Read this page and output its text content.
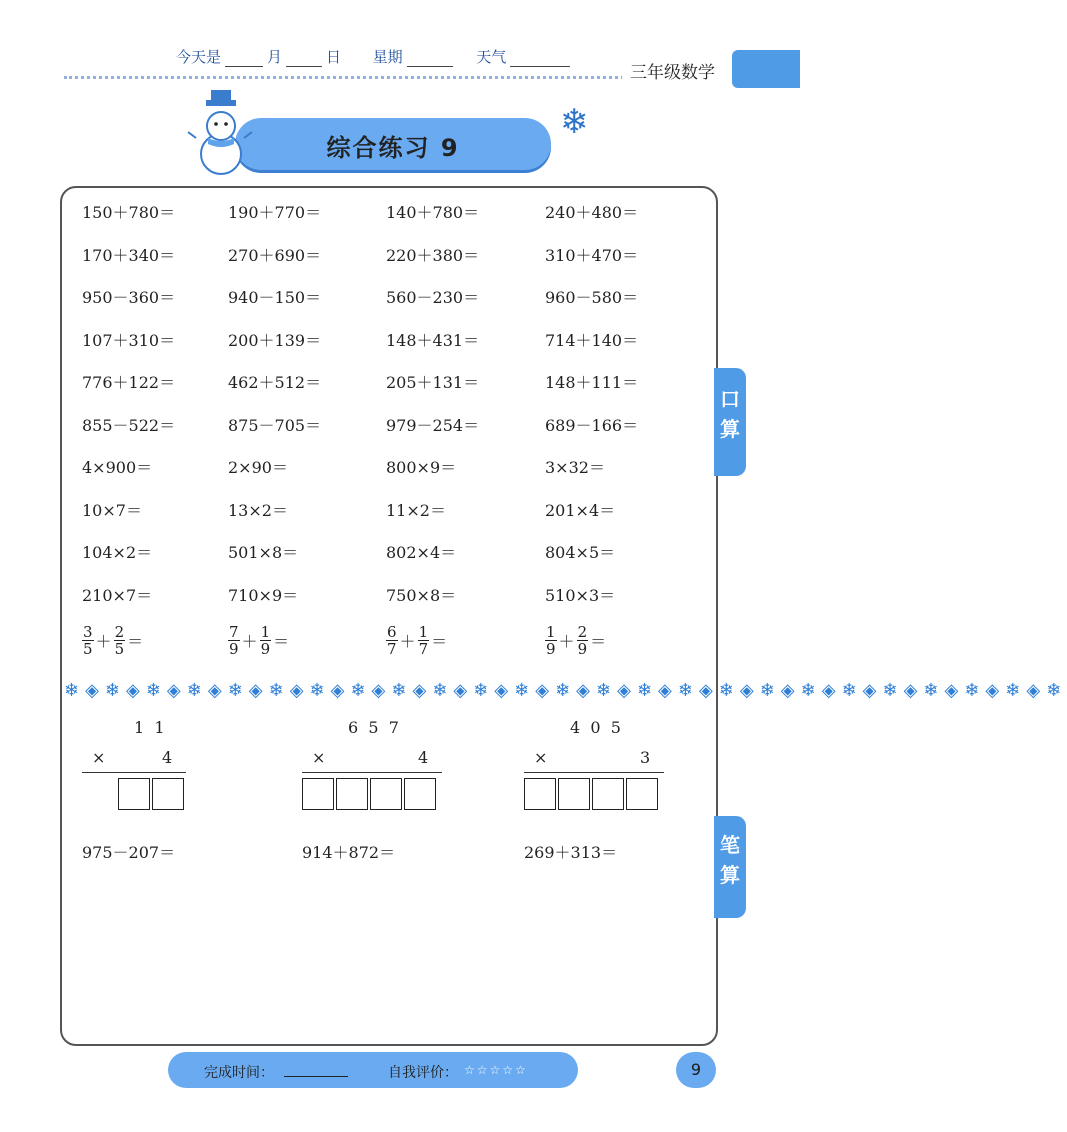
今天是	月	日 星期	天气
三年级数学
综合练习 9
❄
150＋780＝	190＋770＝	140＋780＝	240＋480＝
170＋340＝	270＋690＝	220＋380＝	310＋470＝
950－360＝	940－150＝	560－230＝	960－580＝
107＋310＝	200＋139＝	148＋431＝	714＋140＝
776＋122＝	462＋512＝	205＋131＝	148＋111＝
855－522＝	875－705＝	979－254＝	689－166＝
4×900＝	2×90＝	800×9＝	3×32＝
10×7＝	13×2＝	11×2＝	201×4＝
104×2＝	501×8＝	802×4＝	804×5＝
210×7＝	710×9＝	750×8＝	510×3＝
$\frac{3}{5} + \frac{2}{5}$ ＝	$\frac{7}{9} + \frac{1}{9}$ ＝	$\frac{6}{7} + \frac{1}{7}$ ＝	$\frac{1}{9} + \frac{2}{9}$ ＝
❄◈❄◈❄◈❄◈❄◈❄◈❄◈❄◈❄◈❄◈❄◈❄◈❄◈❄◈❄◈❄◈❄◈❄◈❄◈❄◈❄◈❄◈❄◈❄◈❄
1  1
×	4
6  5  7
×	4
4  0  5
×	3
975－207＝	914＋872＝	269＋313＝
口
算
笔
算
完成时间：	自我评价： ☆☆☆☆☆	9
